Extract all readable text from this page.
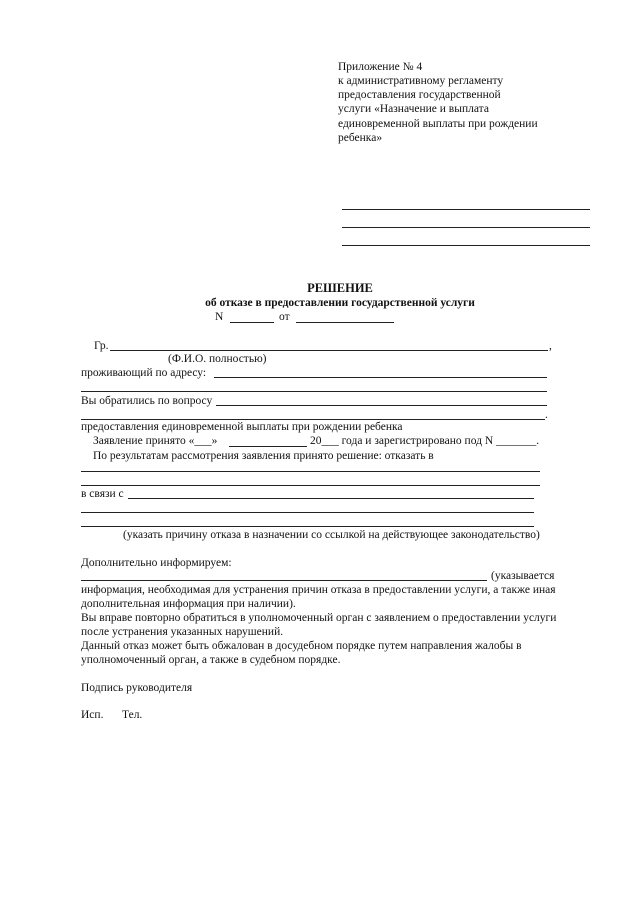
Приложение № 4
к административному регламенту
предоставления государственной
услуги «Назначение и выплата
единовременной выплаты при рождении
ребенка»
РЕШЕНИЕ
об отказе в предоставлении государственной услуги
N	от
Гр.	,
(Ф.И.О. полностью)
проживающий по адресу:
Вы обратились по вопросу
.
предоставления единовременной выплаты при рождении ребенка
Заявление принято «___»	20___ года и зарегистрировано под N _______.
По результатам рассмотрения заявления принято решение: отказать в
в связи с
(указать причину отказа в назначении со ссылкой на действующее законодательство)
Дополнительно информируем:
(указывается
информация, необходимая для устранения причин отказа в предоставлении услуги, а также иная дополнительная информация при наличии).
Вы вправе повторно обратиться в уполномоченный орган с заявлением о предоставлении услуги после устранения указанных нарушений.
Данный отказ может быть обжалован в досудебном порядке путем направления жалобы в уполномоченный орган, а также в судебном порядке.
Подпись руководителя
Исп. Тел.
